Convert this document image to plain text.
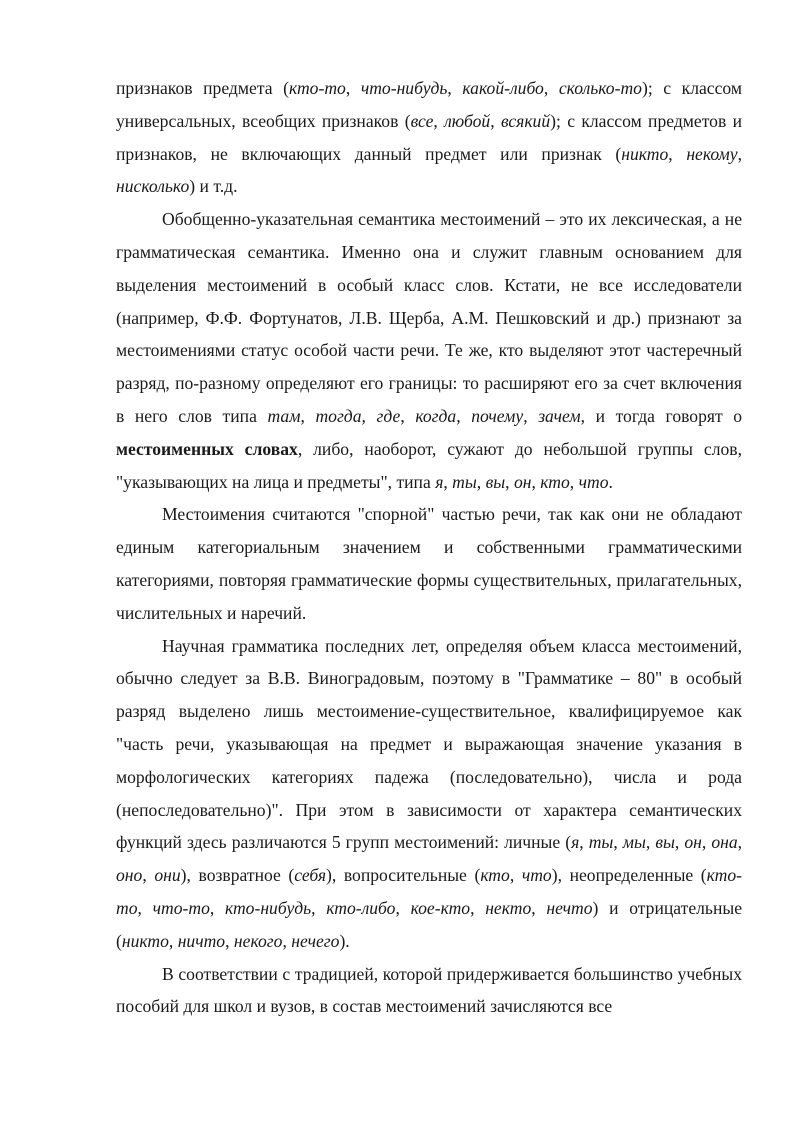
признаков предмета (кто-то, что-нибудь, какой-либо, сколько-то); с классом универсальных, всеобщих признаков (все, любой, всякий); с классом предметов и признаков, не включающих данный предмет или признак (никто, некому, нисколько) и т.д.

Обобщенно-указательная семантика местоимений – это их лексическая, а не грамматическая семантика. Именно она и служит главным основанием для выделения местоимений в особый класс слов. Кстати, не все исследователи (например, Ф.Ф. Фортунатов, Л.В. Щерба, А.М. Пешковский и др.) признают за местоимениями статус особой части речи. Те же, кто выделяют этот частеречный разряд, по-разному определяют его границы: то расширяют его за счет включения в него слов типа там, тогда, где, когда, почему, зачем, и тогда говорят о местоименных словах, либо, наоборот, сужают до небольшой группы слов, "указывающих на лица и предметы", типа я, ты, вы, он, кто, что.

Местоимения считаются "спорной" частью речи, так как они не обладают единым категориальным значением и собственными грамматическими категориями, повторяя грамматические формы существительных, прилагательных, числительных и наречий.

Научная грамматика последних лет, определяя объем класса местоимений, обычно следует за В.В. Виноградовым, поэтому в "Грамматике – 80" в особый разряд выделено лишь местоимение-существительное, квалифицируемое как "часть речи, указывающая на предмет и выражающая значение указания в морфологических категориях падежа (последовательно), числа и рода (непоследовательно)". При этом в зависимости от характера семантических функций здесь различаются 5 групп местоимений: личные (я, ты, мы, вы, он, она, оно, они), возвратное (себя), вопросительные (кто, что), неопределенные (кто-то, что-то, кто-нибудь, кто-либо, кое-кто, некто, нечто) и отрицательные (никто, ничто, некого, нечего).

В соответствии с традицией, которой придерживается большинство учебных пособий для школ и вузов, в состав местоимений зачисляются все
